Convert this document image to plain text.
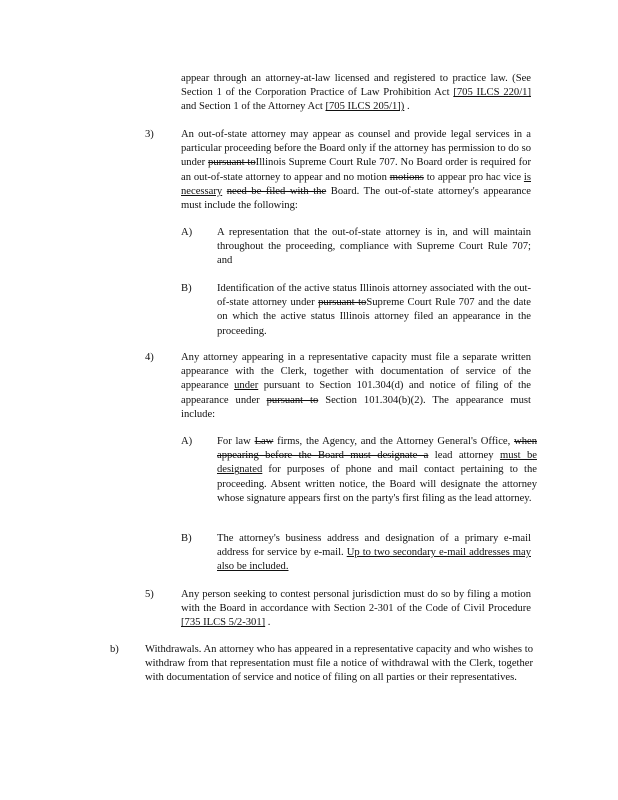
appear through an attorney-at-law licensed and registered to practice law. (See Section 1 of the Corporation Practice of Law Prohibition Act [705 ILCS 220/1] and Section 1 of the Attorney Act [705 ILCS 205/1]) .
3)	An out-of-state attorney may appear as counsel and provide legal services in a particular proceeding before the Board only if the attorney has permission to do so under pursuant toIllinois Supreme Court Rule 707. No Board order is required for an out-of-state attorney to appear and no motion motions to appear pro hac vice is necessary need be filed with the Board. The out-of-state attorney's appearance must include the following:
A) A representation that the out-of-state attorney is in, and will maintain throughout the proceeding, compliance with Supreme Court Rule 707; and
B) Identification of the active status Illinois attorney associated with the out-of-state attorney under pursuant toSupreme Court Rule 707 and the date on which the active status Illinois attorney filed an appearance in the proceeding.
4)	Any attorney appearing in a representative capacity must file a separate written appearance with the Clerk, together with documentation of service of the appearance under pursuant to Section 101.304(d) and notice of filing of the appearance under pursuant to Section 101.304(b)(2). The appearance must include:
A) For law Law firms, the Agency, and the Attorney General's Office, when appearing before the Board must designate a lead attorney must be designated for purposes of phone and mail contact pertaining to the proceeding. Absent written notice, the Board will designate the attorney whose signature appears first on the party's first filing as the lead attorney.
B) The attorney's business address and designation of a primary e-mail address for service by e-mail. Up to two secondary e-mail addresses may also be included.
5)	Any person seeking to contest personal jurisdiction must do so by filing a motion with the Board in accordance with Section 2-301 of the Code of Civil Procedure [735 ILCS 5/2-301] .
b) Withdrawals. An attorney who has appeared in a representative capacity and who wishes to withdraw from that representation must file a notice of withdrawal with the Clerk, together with documentation of service and notice of filing on all parties or their representatives.
